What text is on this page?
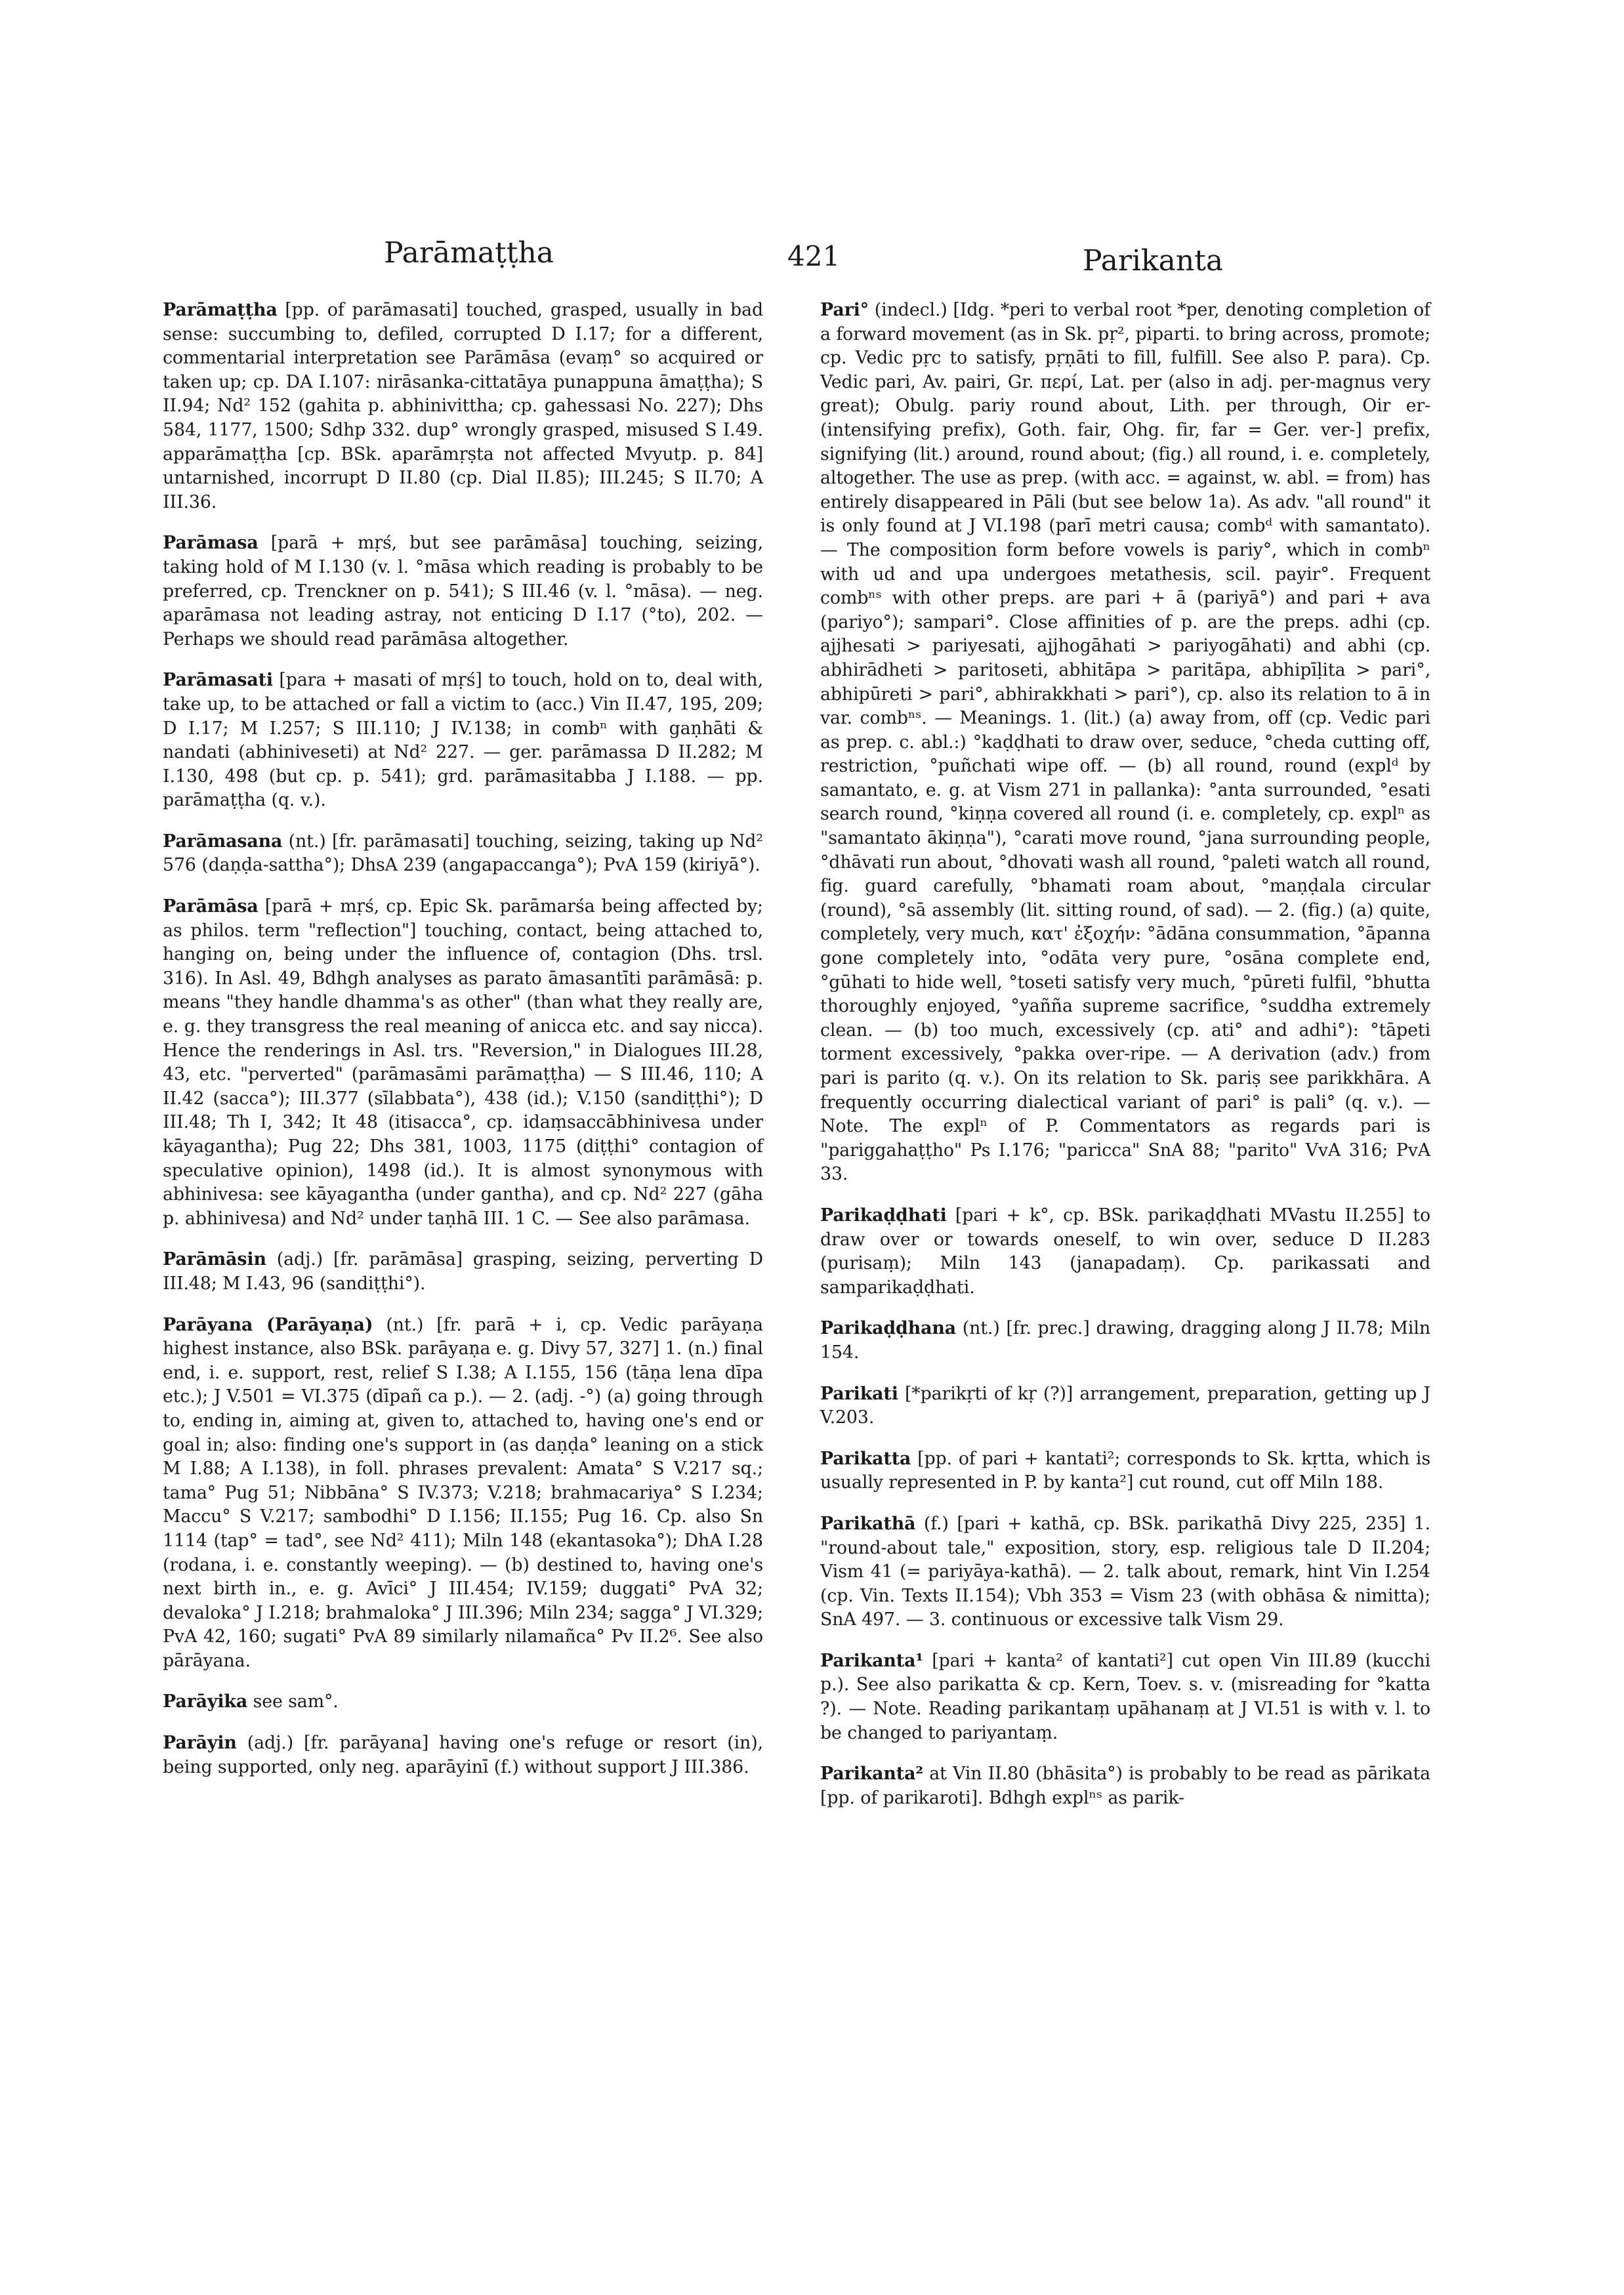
Parāmaṭṭha	421	Parikanta

Parāmaṭṭha [pp. of parāmasati] touched, grasped, usually in bad sense: succumbing to, defiled, corrupted D I.17; for a different, commentarial interpretation see Parāmāsa (evaṃ° so acquired or taken up; cp. DA I.107: nirāsanka-cittatāya punappuna āmaṭṭha); S II.94; Nd² 152 (gahita p. abhinivittha; cp. gahessasi No. 227); Dhs 584, 1177, 1500; Sdhp 332. dup° wrongly grasped, misused S I.49. apparāmaṭṭha [cp. BSk. aparāmṛṣta not affected Mvyutp. p. 84] untarnished, incorrupt D II.80 (cp. Dial II.85); III.245; S II.70; A III.36.

Parāmasa [parā + mṛś, but see parāmāsa] touching, seizing, taking hold of M I.130 (v. l. °māsa which reading is probably to be preferred, cp. Trenckner on p. 541); S III.46 (v. l. °māsa). — neg. aparāmasa not leading astray, not enticing D I.17 (°to), 202. — Perhaps we should read parāmāsa altogether.

Parāmasati [para + masati of mṛś] to touch, hold on to, deal with, take up, to be attached or fall a victim to (acc.) Vin II.47, 195, 209; D I.17; M I.257; S III.110; J IV.138; in combⁿ with gaṇhāti & nandati (abhiniveseti) at Nd² 227. — ger. parāmassa D II.282; M I.130, 498 (but cp. p. 541); grd. parāmasitabba J I.188. — pp. parāmaṭṭha (q. v.).

Parāmasana (nt.) [fr. parāmasati] touching, seizing, taking up Nd² 576 (daṇḍa-sattha°); DhsA 239 (angapaccanga°); PvA 159 (kiriyā°).

Parāmāsa [parā + mṛś, cp. Epic Sk. parāmarśa being affected by; as philos. term "reflection"] touching, contact, being attached to, hanging on, being under the influence of, contagion (Dhs. trsl. 316). In Asl. 49, Bdhgh analyses as parato āmasantīti parāmāsā: p. means "they handle dhamma's as other" (than what they really are, e. g. they transgress the real meaning of anicca etc. and say nicca). Hence the renderings in Asl. trs. "Reversion," in Dialogues III.28, 43, etc. "perverted" (parāmasāmi parāmaṭṭha) — S III.46, 110; A II.42 (sacca°); III.377 (sīlabbata°), 438 (id.); V.150 (sandiṭṭhi°); D III.48; Th I, 342; It 48 (itisacca°, cp. idaṃsaccābhinivesa under kāyagantha); Pug 22; Dhs 381, 1003, 1175 (diṭṭhi° contagion of speculative opinion), 1498 (id.). It is almost synonymous with abhinivesa: see kāyagantha (under gantha), and cp. Nd² 227 (gāha p. abhinivesa) and Nd² under taṇhā III. 1 C. — See also parāmasa.

Parāmāsin (adj.) [fr. parāmāsa] grasping, seizing, perverting D III.48; M I.43, 96 (sandiṭṭhi°).

Parāyana (Parāyaṇa) (nt.) [fr. parā + i, cp. Vedic parāyaṇa highest instance, also BSk. parāyaṇa e. g. Divy 57, 327] 1. (n.) final end, i. e. support, rest, relief S I.38; A I.155, 156 (tāṇa lena dīpa etc.); J V.501 = VI.375 (dīpañ ca p.). — 2. (adj. -°) (a) going through to, ending in, aiming at, given to, attached to, having one's end or goal in; also: finding one's support in (as daṇḍa° leaning on a stick M I.88; A I.138), in foll. phrases prevalent: Amata° S V.217 sq.; tama° Pug 51; Nibbāna° S IV.373; V.218; brahmacariya° S I.234; Maccu° S V.217; sambodhi° D I.156; II.155; Pug 16. Cp. also Sn 1114 (tap° = tad°, see Nd² 411); Miln 148 (ekantasoka°); DhA I.28 (rodana, i. e. constantly weeping). — (b) destined to, having one's next birth in., e. g. Avīci° J III.454; IV.159; duggati° PvA 32; devaloka° J I.218; brahmaloka° J III.396; Miln 234; sagga° J VI.329; PvA 42, 160; sugati° PvA 89 similarly nilamañca° Pv II.2⁶. See also pārāyana.

Parāyika see sam°.

Parāyin (adj.) [fr. parāyana] having one's refuge or resort (in), being supported, only neg. aparāyinī (f.) without support J III.386.

Pari° (indecl.) [Idg. *peri to verbal root *per, denoting completion of a forward movement (as in Sk. pṛ², piparti. to bring across, promote; cp. Vedic pṛc to satisfy, pṛṇāti to fill, fulfill. See also P. para). Cp. Vedic pari, Av. pairi, Gr. περί, Lat. per (also in adj. per-magnus very great); Obulg. pariy round about, Lith. per through, Oir er- (intensifying prefix), Goth. fair, Ohg. fir, far = Ger. ver-] prefix, signifying (lit.) around, round about; (fig.) all round, i. e. completely, altogether. The use as prep. (with acc. = against, w. abl. = from) has entirely disappeared in Pāli (but see below 1a). As adv. "all round" it is only found at J VI.198 (parī metri causa; combᵈ with samantato). — The composition form before vowels is pariy°, which in combⁿ with ud and upa undergoes metathesis, scil. payir°. Frequent combⁿˢ with other preps. are pari + ā (pariyā°) and pari + ava (pariyo°); sampari°. Close affinities of p. are the preps. adhi (cp. ajjhesati > pariyesati, ajjhogāhati > pariyogāhati) and abhi (cp. abhirādheti > paritoseti, abhitāpa > paritāpa, abhipīḷita > pari°, abhipūreti > pari°, abhirakkhati > pari°), cp. also its relation to ā in var. combⁿˢ. — Meanings. 1. (lit.) (a) away from, off (cp. Vedic pari as prep. c. abl.:) °kaḍḍhati to draw over, seduce, °cheda cutting off, restriction, °puñchati wipe off. — (b) all round, round (explᵈ by samantato, e. g. at Vism 271 in pallanka): °anta surrounded, °esati search round, °kiṇṇa covered all round (i. e. completely, cp. explⁿ as "samantato ākiṇṇa"), °carati move round, °jana surrounding people, °dhāvati run about, °dhovati wash all round, °paleti watch all round, fig. guard carefully, °bhamati roam about, °maṇḍala circular (round), °sā assembly (lit. sitting round, of sad). — 2. (fig.) (a) quite, completely, very much, κατ' ἐξοχήν: °ādāna consummation, °āpanna gone completely into, °odāta very pure, °osāna complete end, °gūhati to hide well, °toseti satisfy very much, °pūreti fulfil, °bhutta thoroughly enjoyed, °yañña supreme sacrifice, °suddha extremely clean. — (b) too much, excessively (cp. ati° and adhi°): °tāpeti torment excessively, °pakka over-ripe. — A derivation (adv.) from pari is parito (q. v.). On its relation to Sk. pariṣ see parikkhāra. A frequently occurring dialectical variant of pari° is pali° (q. v.). — Note. The explⁿ of P. Commentators as regards pari is "pariggahaṭṭho" Ps I.176; "paricca" SnA 88; "parito" VvA 316; PvA 33.

Parikaḍḍhati [pari + k°, cp. BSk. parikaḍḍhati MVastu II.255] to draw over or towards oneself, to win over, seduce D II.283 (purisaṃ); Miln 143 (janapadaṃ). Cp. parikassati and samparikaḍḍhati.

Parikaḍḍhana (nt.) [fr. prec.] drawing, dragging along J II.78; Miln 154.

Parikati [*parikṛti of kṛ (?)] arrangement, preparation, getting up J V.203.

Parikatta [pp. of pari + kantati²; corresponds to Sk. kṛtta, which is usually represented in P. by kanta²] cut round, cut off Miln 188.

Parikathā (f.) [pari + kathā, cp. BSk. parikathā Divy 225, 235] 1. "round-about tale," exposition, story, esp. religious tale D II.204; Vism 41 (= pariyāya-kathā). — 2. talk about, remark, hint Vin I.254 (cp. Vin. Texts II.154); Vbh 353 = Vism 23 (with obhāsa & nimitta); SnA 497. — 3. continuous or excessive talk Vism 29.

Parikanta¹ [pari + kanta² of kantati²] cut open Vin III.89 (kucchi p.). See also parikatta & cp. Kern, Toev. s. v. (misreading for °katta ?). — Note. Reading parikantaṃ upāhanaṃ at J VI.51 is with v. l. to be changed to pariyantaṃ.

Parikanta² at Vin II.80 (bhāsita°) is probably to be read as pārikata [pp. of parikaroti]. Bdhgh explⁿˢ as parik-
